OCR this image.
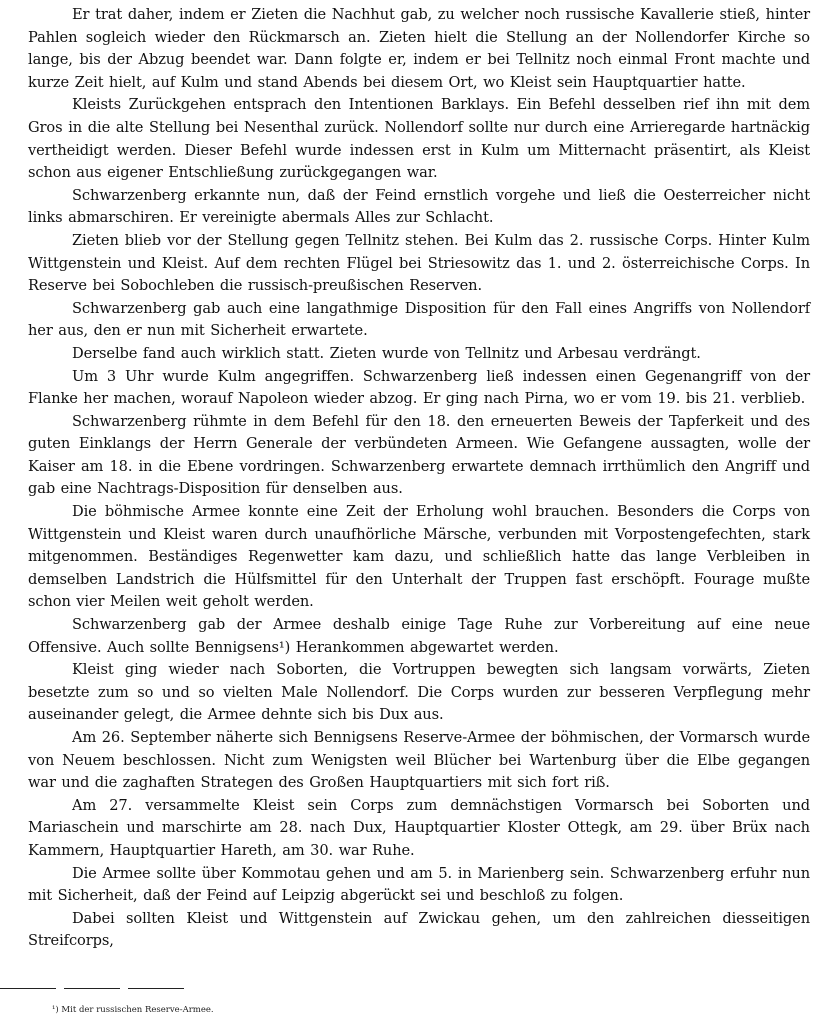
Er trat daher, indem er Zieten die Nachhut gab, zu welcher noch russische Kavallerie stieß, hinter Pahlen sogleich wieder den Rückmarsch an. Zieten hielt die Stellung an der Nollendorfer Kirche so lange, bis der Abzug beendet war. Dann folgte er, indem er bei Tellnitz noch einmal Front machte und kurze Zeit hielt, auf Kulm und stand Abends bei diesem Ort, wo Kleist sein Hauptquartier hatte.

Kleists Zurückgehen entsprach den Intentionen Barklays. Ein Befehl desselben rief ihn mit dem Gros in die alte Stellung bei Nesenthal zurück. Nollendorf sollte nur durch eine Arrieregarde hartnäckig vertheidigt werden. Dieser Befehl wurde indessen erst in Kulm um Mitternacht präsentirt, als Kleist schon aus eigener Entschließung zurückgegangen war.

Schwarzenberg erkannte nun, daß der Feind ernstlich vorgehe und ließ die Oesterreicher nicht links abmarschiren. Er vereinigte abermals Alles zur Schlacht.

Zieten blieb vor der Stellung gegen Tellnitz stehen. Bei Kulm das 2. russische Corps. Hinter Kulm Wittgenstein und Kleist. Auf dem rechten Flügel bei Striesowitz das 1. und 2. österreichische Corps. In Reserve bei Sobochleben die russisch-preußischen Reserven.

Schwarzenberg gab auch eine langathmige Disposition für den Fall eines Angriffs von Nollendorf her aus, den er nun mit Sicherheit erwartete.

Derselbe fand auch wirklich statt. Zieten wurde von Tellnitz und Arbesau verdrängt.

Um 3 Uhr wurde Kulm angegriffen. Schwarzenberg ließ indessen einen Gegenangriff von der Flanke her machen, worauf Napoleon wieder abzog. Er ging nach Pirna, wo er vom 19. bis 21. verblieb.

Schwarzenberg rühmte in dem Befehl für den 18. den erneuerten Beweis der Tapferkeit und des guten Einklangs der Herrn Generale der verbündeten Armeen. Wie Gefangene aussagten, wolle der Kaiser am 18. in die Ebene vordringen. Schwarzenberg erwartete demnach irrthümlich den Angriff und gab eine Nachtrags-Disposition für denselben aus.

Die böhmische Armee konnte eine Zeit der Erholung wohl brauchen. Besonders die Corps von Wittgenstein und Kleist waren durch unaufhörliche Märsche, verbunden mit Vorpostengefechten, stark mitgenommen. Beständiges Regenwetter kam dazu, und schließlich hatte das lange Verbleiben in demselben Landstrich die Hülfsmittel für den Unterhalt der Truppen fast erschöpft. Fourage mußte schon vier Meilen weit geholt werden.

Schwarzenberg gab der Armee deshalb einige Tage Ruhe zur Vorbereitung auf eine neue Offensive. Auch sollte Bennigsens¹) Herankommen abgewartet werden.

Kleist ging wieder nach Soborten, die Vortruppen bewegten sich langsam vorwärts, Zieten besetzte zum so und so vielten Male Nollendorf. Die Corps wurden zur besseren Verpflegung mehr auseinander gelegt, die Armee dehnte sich bis Dux aus.

Am 26. September näherte sich Bennigsens Reserve-Armee der böhmischen, der Vormarsch wurde von Neuem beschlossen. Nicht zum Wenigsten weil Blücher bei Wartenburg über die Elbe gegangen war und die zaghaften Strategen des Großen Hauptquartiers mit sich fort riß.

Am 27. versammelte Kleist sein Corps zum demnächstigen Vormarsch bei Soborten und Mariaschein und marschirte am 28. nach Dux, Hauptquartier Kloster Ottegk, am 29. über Brüx nach Kammern, Hauptquartier Hareth, am 30. war Ruhe.

Die Armee sollte über Kommotau gehen und am 5. in Marienberg sein. Schwarzenberg erfuhr nun mit Sicherheit, daß der Feind auf Leipzig abgerückt sei und beschloß zu folgen.

Dabei sollten Kleist und Wittgenstein auf Zwickau gehen, um den zahlreichen diesseitigen Streifcorps,

¹) Mit der russischen Reserve-Armee.
